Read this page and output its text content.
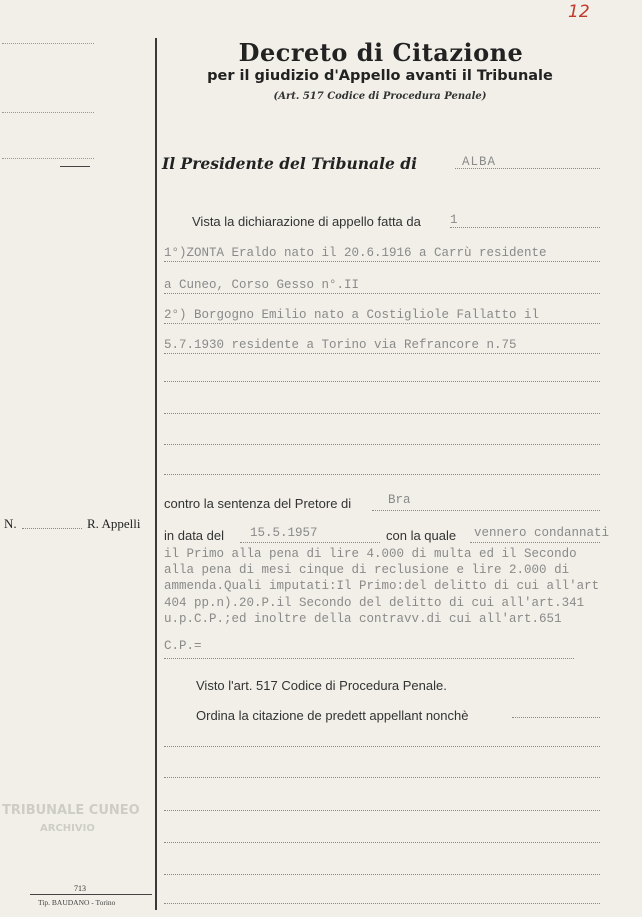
12
N.	R. Appelli
TRIBUNALE CUNEO
ARCHIVIO
713
Tip. BAUDANO - Torino
Decreto di Citazione
per il giudizio d'Appello avanti il Tribunale
(Art. 517 Codice di Procedura Penale)
Il Presidente del Tribunale di	ALBA
Vista la dichiarazione di appello fatta da 1
1°)ZONTA Eraldo nato il 20.6.1916 a Carrù residente
a Cuneo, Corso Gesso n°.II
2°) Borgogno Emilio nato a Costigliole Fallatto il
5.7.1930 residente a Torino via Refrancore n.75
contro la sentenza del Pretore di	Bra
in data del 15.5.1957	con la quale vennero condannati
il Primo alla pena di lire 4.000 di multa ed il Secondo
alla pena di mesi cinque di reclusione e lire 2.000 di
ammenda.Quali imputati:Il Primo:del delitto di cui all'art
404 pp.n).20.P.il Secondo del delitto di cui all'art.341
u.p.C.P.;ed inoltre della contravv.di cui all'art.651
C.P.=
Visto l'art. 517 Codice di Procedura Penale.
Ordina la citazione de predett appellant nonchè
